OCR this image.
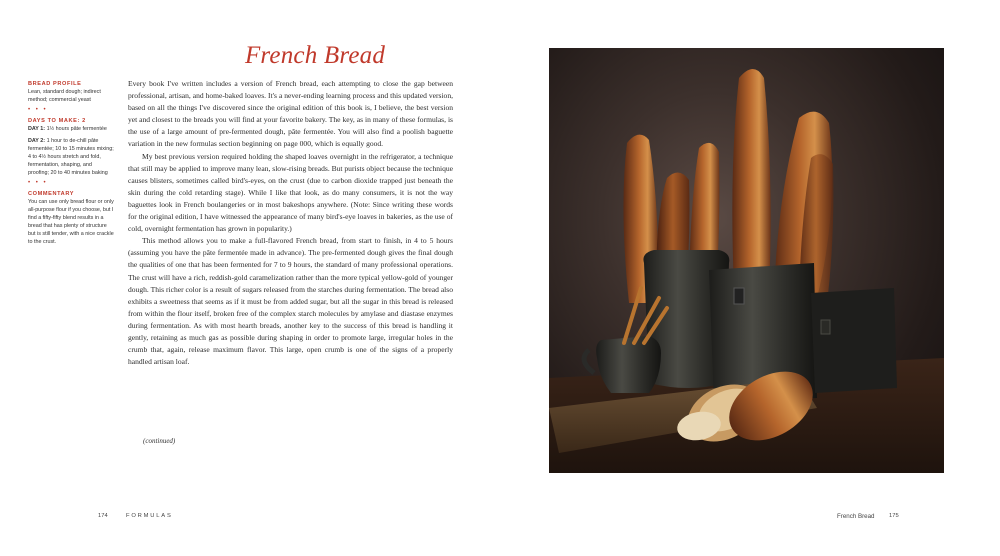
French Bread
BREAD PROFILE

Lean, standard dough; indirect method; commercial yeast

• • •
DAYS TO MAKE: 2

DAY 1: 1½ hours pâte fermentée

DAY 2: 1 hour to de-chill pâte fermentée; 10 to 15 minutes mixing; 4 to 4½ hours stretch and fold, fermentation, shaping, and proofing; 20 to 40 minutes baking

• • •
COMMENTARY

You can use only bread flour or only all-purpose flour if you choose, but I find a fifty-fifty blend results in a bread that has plenty of structure but is still tender, with a nice crackle to the crust.

Every book I've written includes a version of French bread, each attempting to close the gap between professional, artisan, and home-baked loaves. It's a never-ending learning process and this updated version, based on all the things I've discovered since the original edition of this book is, I believe, the best version yet and closest to the breads you will find at your favorite bakery. The key, as in many of these formulas, is the use of a large amount of pre-fermented dough, pâte fermentée. You will also find a poolish baguette variation in the new formulas section beginning on page 000, which is equally good.

My best previous version required holding the shaped loaves overnight in the refrigerator, a technique that still may be applied to improve many lean, slow-rising breads. But purists object because the technique causes blisters, sometimes called bird's-eyes, on the crust (due to carbon dioxide trapped just beneath the skin during the cold retarding stage). While I like that look, as do many consumers, it is not the way baguettes look in French boulangeries or in most bakeshops anywhere. (Note: Since writing these words for the original edition, I have witnessed the appearance of many bird's-eye loaves in bakeries, as the use of cold, overnight fermentation has grown in popularity.)

This method allows you to make a full-flavored French bread, from start to finish, in 4 to 5 hours (assuming you have the pâte fermentée made in advance). The pre-fermented dough gives the final dough the qualities of one that has been fermented for 7 to 9 hours, the standard of many professional operations. The crust will have a rich, reddish-gold caramelization rather than the more typical yellow-gold of younger dough. This richer color is a result of sugars released from the starches during fermentation. The bread also exhibits a sweetness that seems as if it must be from added sugar, but all the sugar in this bread is released from within the flour itself, broken free of the complex starch molecules by amylase and diastase enzymes during fermentation. As with most hearth breads, another key to the success of this bread is handling it gently, retaining as much gas as possible during shaping in order to promote large, irregular holes in the crumb that, again, release maximum flavor. This large, open crumb is one of the signs of a properly handled artisan loaf.

(continued)
174	FORMULAS	French Bread	175
